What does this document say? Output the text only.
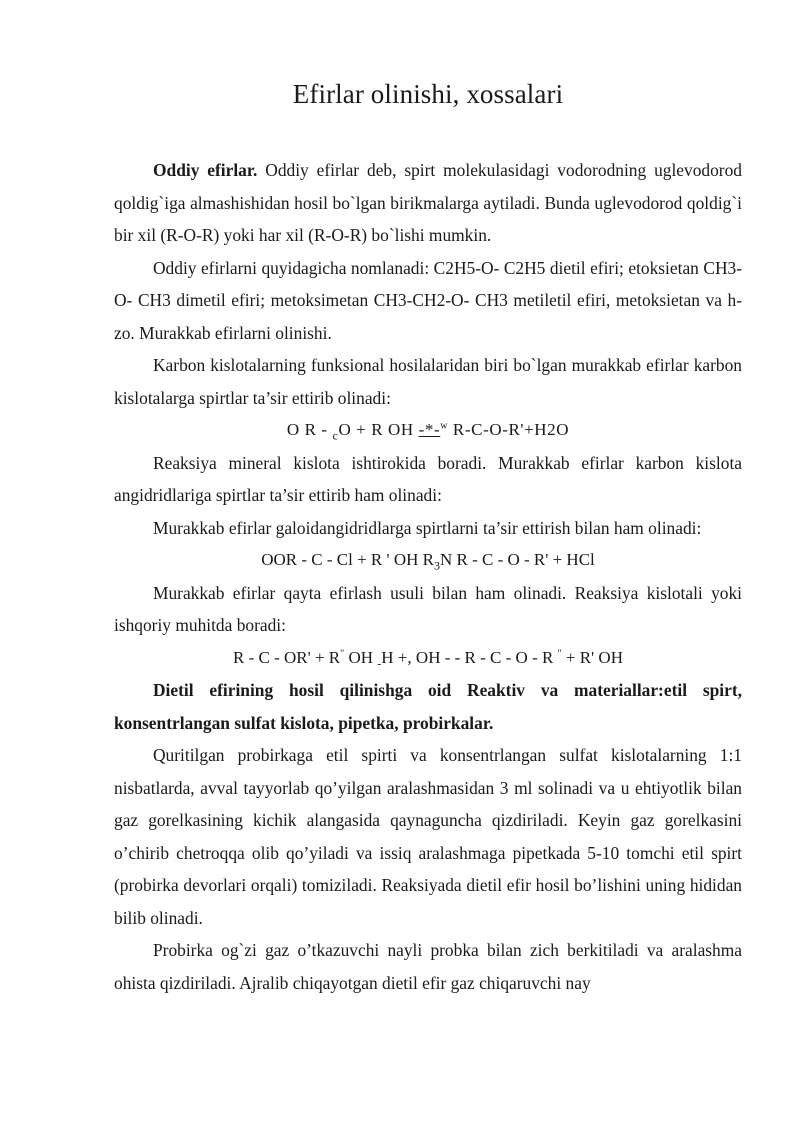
Efirlar olinishi, xossalari

Oddiy efirlar. Oddiy efirlar deb, spirt molekulasidagi vodorodning uglevodorod qoldig`iga almashishidan hosil bo`lgan birikmalarga aytiladi. Bunda uglevodorod qoldig`i bir xil (R-O-R) yoki har xil (R-O-R) bo`lishi mumkin.

Oddiy efirlarni quyidagicha nomlanadi: C2H5-O- C2H5 dietil efiri; etoksietan CH3-O- CH3 dimetil efiri; metoksimetan CH3-CH2-O- CH3 metiletil efiri, metoksietan va h-zo. Murakkab efirlarni olinishi.

Karbon kislotalarning funksional hosilalaridan biri bo`lgan murakkab efirlar karbon kislotalarga spirtlar ta’sir ettirib olinadi:

O R - $_c$O + R OH -*-$^w$ R-C-O-R'+H2O

Reaksiya mineral kislota ishtirokida boradi. Murakkab efirlar karbon kislota angidridlariga spirtlar ta’sir ettirib ham olinadi:

Murakkab efirlar galoidangidridlarga spirtlarni ta’sir ettirish bilan ham olinadi:

OOR - C - Cl + R ' OH $R_3N$ R - C - O - R' + HCl

Murakkab efirlar qayta efirlash usuli bilan ham olinadi. Reaksiya kislotali yoki ishqoriy muhitda boradi:

R - C - OR' + R" OH $_-$H +, OH - - R - C - O - R " + R' OH

Dietil efirining hosil qilinishga oid Reaktiv va materiallar:etil spirt, konsentrlangan sulfat kislota, pipetka, probirkalar.

Quritilgan probirkaga etil spirti va konsentrlangan sulfat kislotalarning 1:1 nisbatlarda, avval tayyorlab qo’yilgan aralashmasidan 3 ml solinadi va u ehtiyotlik bilan gaz gorelkasining kichik alangasida qaynaguncha qizdiriladi. Keyin gaz gorelkasini o’chirib chetroqqa olib qo’yiladi va issiq aralashmaga pipetkada 5-10 tomchi etil spirt (probirka devorlari orqali) tomiziladi. Reaksiyada dietil efir hosil bo’lishini uning hididan bilib olinadi.

Probirka og`zi gaz o’tkazuvchi nayli probka bilan zich berkitiladi va aralashma ohista qizdiriladi. Ajralib chiqayotgan dietil efir gaz chiqaruvchi nay
